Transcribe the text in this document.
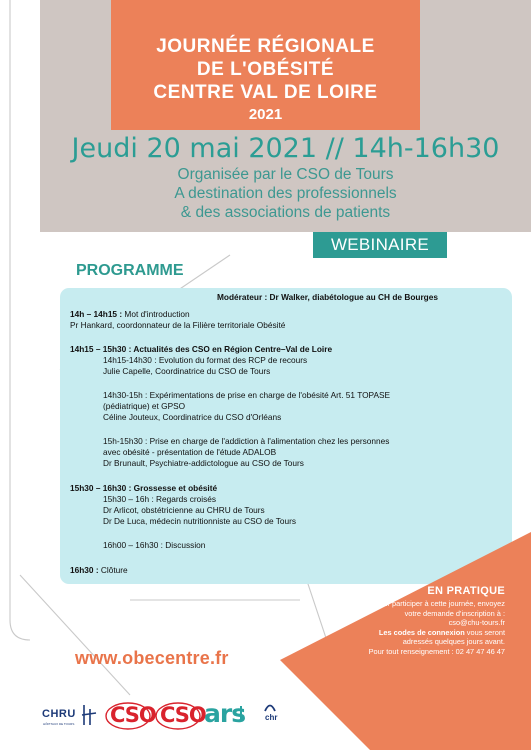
JOURNÉE RÉGIONALE
DE L'OBÉSITÉ
CENTRE VAL DE LOIRE
2021
Jeudi 20 mai 2021 // 14h-16h30
Organisée par le CSO de Tours
A destination des professionnels
& des associations de patients
WEBINAIRE
PROGRAMME
Modérateur : Dr Walker, diabétologue au CH de Bourges
14h – 14h15 : Mot d'introduction
Pr Hankard, coordonnateur de la Filière territoriale Obésité
14h15 – 15h30 : Actualités des CSO en Région Centre–Val de Loire
14h15-14h30 : Evolution du format des RCP de recours
Julie Capelle, Coordinatrice du CSO de Tours
14h30-15h : Expérimentations de prise en charge de l'obésité Art. 51 TOPASE
(pédiatrique) et GPSO
Céline Jouteux, Coordinatrice du CSO d'Orléans
15h-15h30 : Prise en charge de l'addiction à l'alimentation chez les personnes
avec obésité - présentation de l'étude ADALOB
Dr Brunault, Psychiatre-addictologue au CSO de Tours
15h30 – 16h30 : Grossesse et obésité
15h30 – 16h : Regards croisés
Dr Arlicot, obstétricienne au CHRU de Tours
Dr De Luca, médecin nutritionniste au CSO de Tours
16h00 – 16h30 : Discussion
16h30 : Clôture
EN PRATIQUE
Pour participer à cette journée, envoyez
votre demande d'inscription à :
cso@chu-tours.fr
Les codes de connexion vous seront
adressés quelques jours avant.
Pour tout renseignement : 02 47 47 46 47
www.obecentre.fr
CHRU
HÔPITAUX DE TOURS CSO CSO
ars chr
